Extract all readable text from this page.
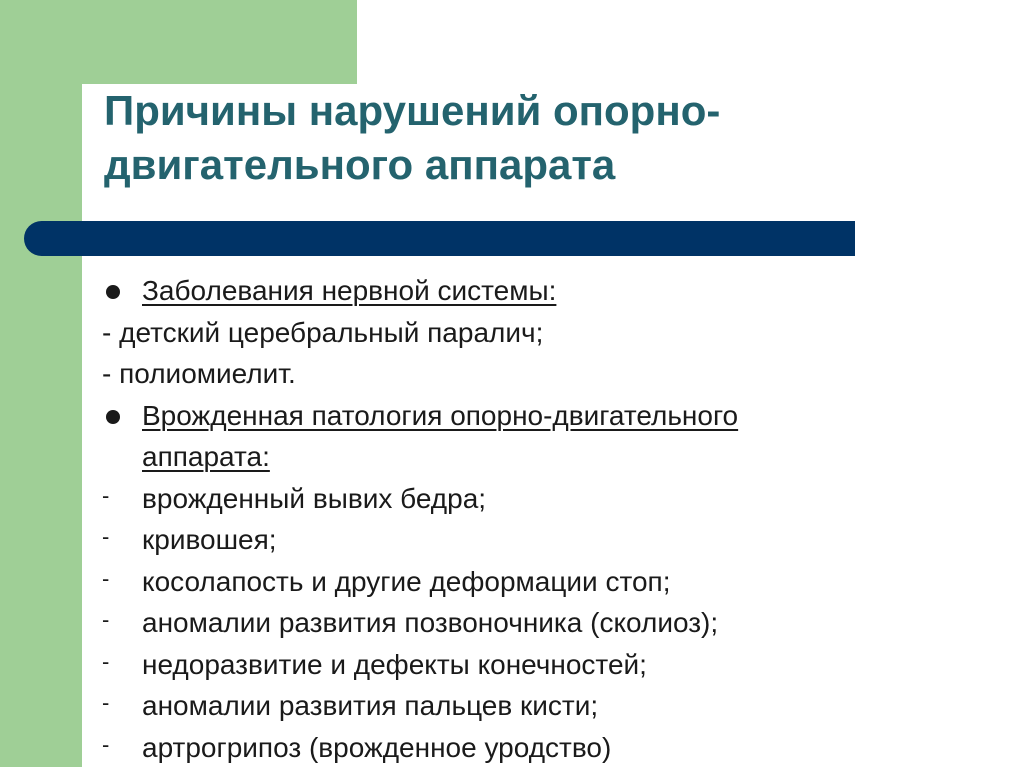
Причины нарушений опорно-
двигательного аппарата
Заболевания нервной системы:
- детский церебральный паралич;
- полиомиелит.
Врожденная патология опорно-двигательного
аппарата:
- врожденный вывих бедра;
- кривошея;
- косолапость и другие деформации стоп;
- аномалии развития позвоночника (сколиоз);
- недоразвитие и дефекты конечностей;
- аномалии развития пальцев кисти;
- артрогрипоз (врожденное уродство)
